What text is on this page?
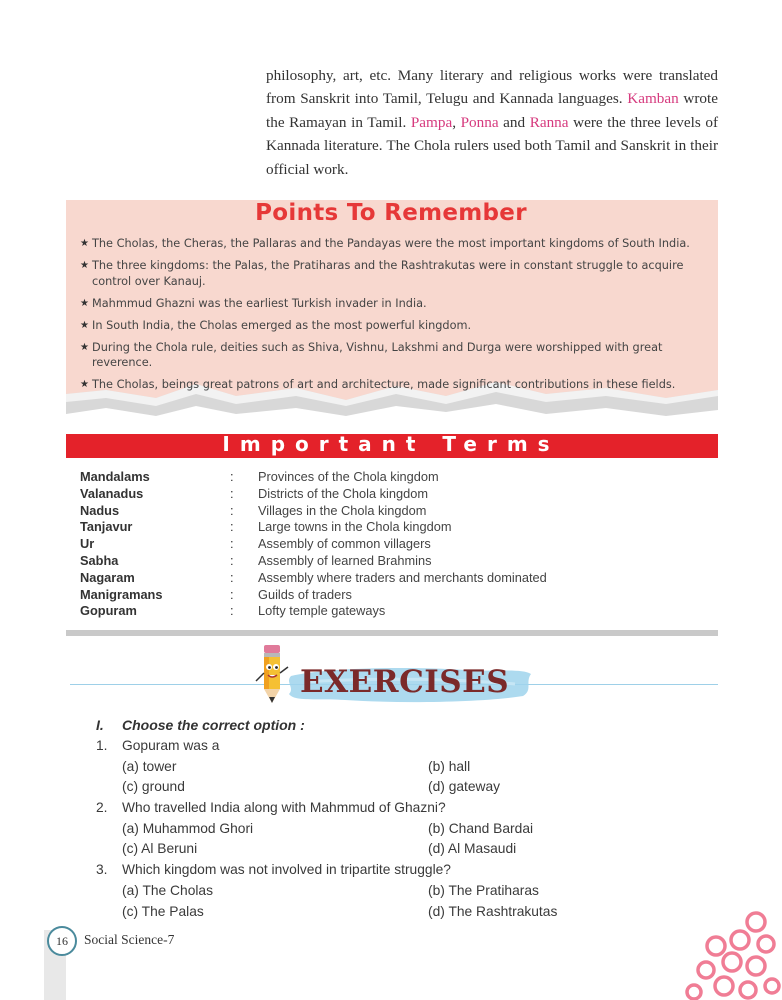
philosophy, art, etc. Many literary and religious works were translated from Sanskrit into Tamil, Telugu and Kannada languages. Kamban wrote the Ramayan in Tamil. Pampa, Ponna and Ranna were the three levels of Kannada literature. The Chola rulers used both Tamil and Sanskrit in their official work.
Points To Remember
★ The Cholas, the Cheras, the Pallaras and the Pandayas were the most important kingdoms of South India.
★ The three kingdoms: the Palas, the Pratiharas and the Rashtrakutas were in constant struggle to acquire control over Kanauj.
★ Mahmmud Ghazni was the earliest Turkish invader in India.
★ In South India, the Cholas emerged as the most powerful kingdom.
★ During the Chola rule, deities such as Shiva, Vishnu, Lakshmi and Durga were worshipped with great reverence.
★ The Cholas, beings great patrons of art and architecture, made significant contributions in these fields.
Important Terms
Mandalams	: Provinces of the Chola kingdom
Valanadus	: Districts of the Chola kingdom
Nadus	: Villages in the Chola kingdom
Tanjavur	: Large towns in the Chola kingdom
Ur	: Assembly of common villagers
Sabha	: Assembly of learned Brahmins
Nagaram	: Assembly where traders and merchants dominated
Manigramans	: Guilds of traders
Gopuram	: Lofty temple gateways
EXERCISES
I. Choose the correct option :
1. Gopuram was a
(a) tower	(b) hall
(c) ground	(d) gateway
2. Who travelled India along with Mahmmud of Ghazni?
(a) Muhammod Ghori	(b) Chand Bardai
(c) Al Beruni	(d) Al Masaudi
3. Which kingdom was not involved in tripartite struggle?
(a) The Cholas	(b) The Pratiharas
(c) The Palas	(d) The Rashtrakutas
16	Social Science-7
